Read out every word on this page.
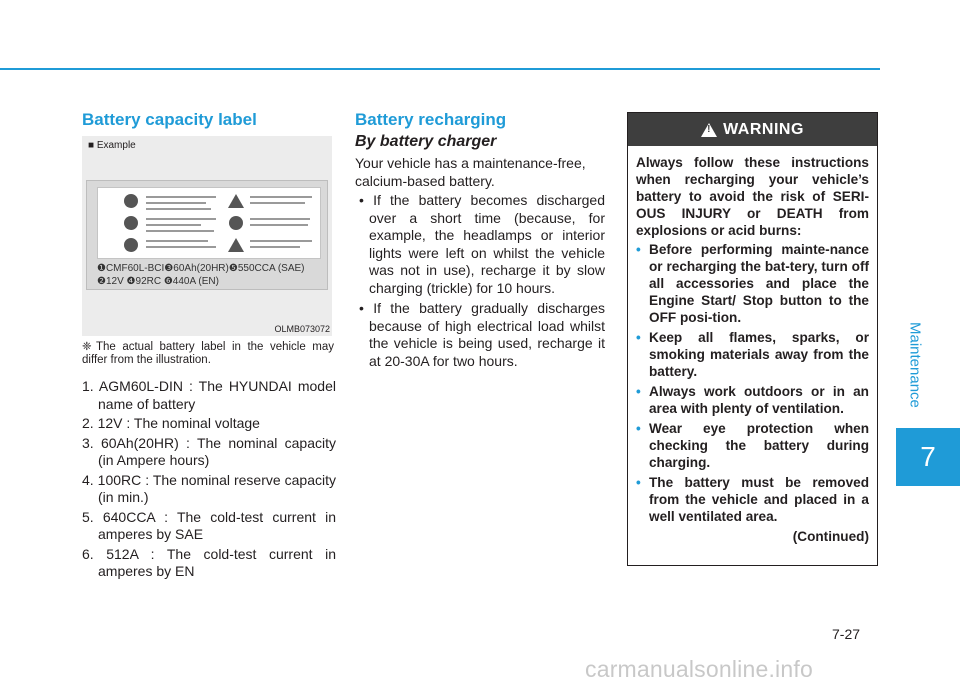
Maintenance
7
Battery capacity label
■ Example
❶CMF60L-BCI❸60Ah(20HR)❺550CCA (SAE)
❷12V ❹92RC ❻440A (EN)
OLMB073072
❈ The actual battery label in the vehicle may differ from the illustration.
1. AGM60L-DIN : The HYUNDAI model name of battery
2. 12V : The nominal voltage
3. 60Ah(20HR) : The nominal capacity (in Ampere hours)
4. 100RC : The nominal reserve capacity (in min.)
5. 640CCA : The cold-test current in amperes by SAE
6. 512A : The cold-test current in amperes by EN
Battery recharging
By battery charger
Your vehicle has a maintenance-free, calcium-based battery.
• If the battery becomes discharged over a short time (because, for example, the headlamps or interior lights were left on whilst the vehicle was not in use), recharge it by slow charging (trickle) for 10 hours.
• If the battery gradually discharges because of high electrical load whilst the vehicle is being used, recharge it at 20-30A for two hours.
!
WARNING
Always follow these instructions when recharging your vehicle’s battery to avoid the risk of SERI-OUS INJURY or DEATH from explosions or acid burns:
• Before performing mainte-nance or recharging the bat-tery, turn off all accessories and place the Engine Start/ Stop button to the OFF posi-tion.
• Keep all flames, sparks, or smoking materials away from the battery.
• Always work outdoors or in an area with plenty of ventilation.
• Wear eye protection when checking the battery during charging.
• The battery must be removed from the vehicle and placed in a well ventilated area.
(Continued)
7-27
carmanualsonline.info
